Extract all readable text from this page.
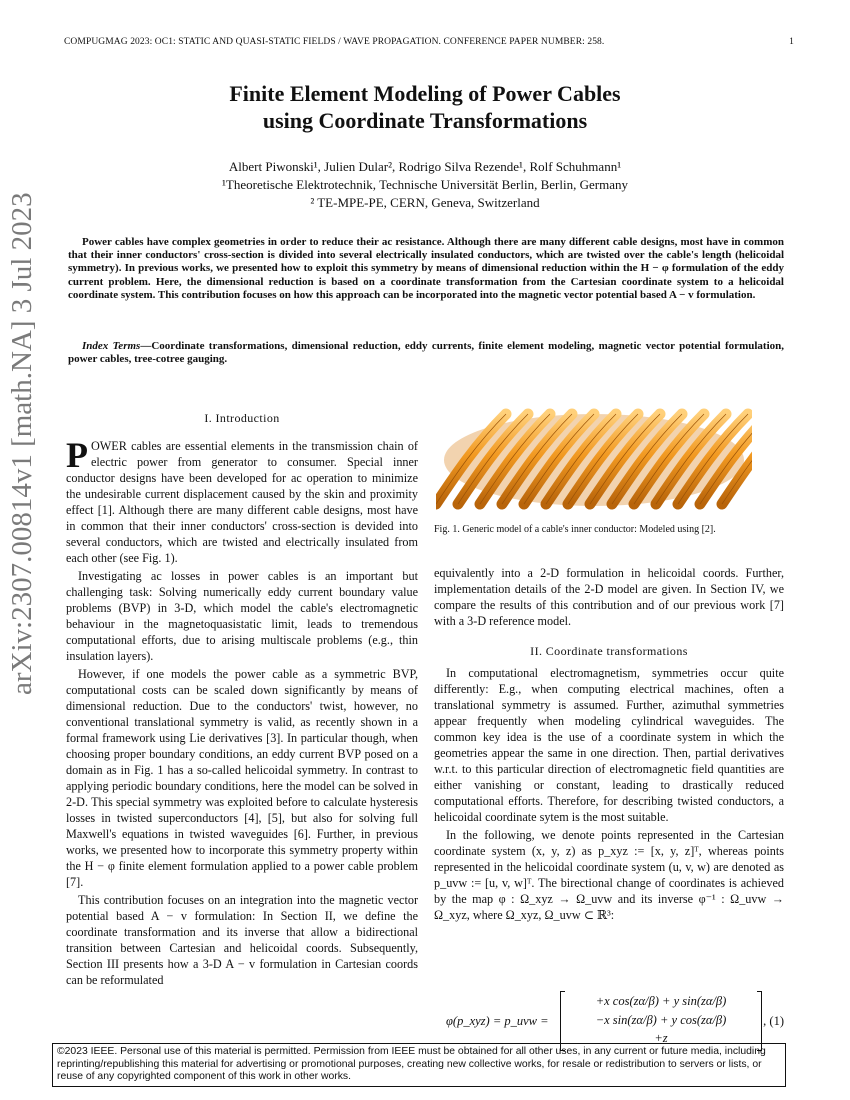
COMPUGMAG 2023: OC1: STATIC AND QUASI-STATIC FIELDS / WAVE PROPAGATION. CONFERENCE PAPER NUMBER: 258.	1
arXiv:2307.00814v1 [math.NA] 3 Jul 2023
Finite Element Modeling of Power Cables
using Coordinate Transformations
Albert Piwonski¹, Julien Dular², Rodrigo Silva Rezende¹, Rolf Schuhmann¹
¹Theoretische Elektrotechnik, Technische Universität Berlin, Berlin, Germany
² TE-MPE-PE, CERN, Geneva, Switzerland
Power cables have complex geometries in order to reduce their ac resistance. Although there are many different cable designs, most have in common that their inner conductors' cross-section is divided into several electrically insulated conductors, which are twisted over the cable's length (helicoidal symmetry). In previous works, we presented how to exploit this symmetry by means of dimensional reduction within the H − φ formulation of the eddy current problem. Here, the dimensional reduction is based on a coordinate transformation from the Cartesian coordinate system to a helicoidal coordinate system. This contribution focuses on how this approach can be incorporated into the magnetic vector potential based A − v formulation.
Index Terms—Coordinate transformations, dimensional reduction, eddy currents, finite element modeling, magnetic vector potential formulation, power cables, tree-cotree gauging.
I. Introduction

POWER cables are essential elements in the transmission chain of electric power from generator to consumer. Special inner conductor designs have been developed for ac operation to minimize the undesirable current displacement caused by the skin and proximity effect [1]. Although there are many different cable designs, most have in common that their inner conductors' cross-section is devided into several conductors, which are twisted and electrically insulated from each other (see Fig. 1).

Investigating ac losses in power cables is an important but challenging task: Solving numerically eddy current boundary value problems (BVP) in 3-D, which model the cable's electromagnetic behaviour in the magnetoquasistatic limit, leads to tremendous computational efforts, due to arising multiscale problems (e.g., thin insulation layers).

However, if one models the power cable as a symmetric BVP, computational costs can be scaled down significantly by means of dimensional reduction. Due to the conductors' twist, however, no conventional translational symmetry is valid, as recently shown in a formal framework using Lie derivatives [3]. In particular though, when choosing proper boundary conditions, an eddy current BVP posed on a domain as in Fig. 1 has a so-called helicoidal symmetry. In contrast to applying periodic boundary conditions, here the model can be solved in 2-D. This special symmetry was exploited before to calculate hysteresis losses in twisted superconductors [4], [5], but also for solving full Maxwell's equations in twisted waveguides [6]. Further, in previous works, we presented how to incorporate this symmetry property within the H − φ finite element formulation applied to a power cable problem [7].

This contribution focuses on an integration into the magnetic vector potential based A − v formulation: In Section II, we define the coordinate transformation and its inverse that allow a bidirectional transition between Cartesian and helicoidal coords. Subsequently, Section III presents how a 3-D A − v formulation in Cartesian coords can be reformulated

Fig. 1. Generic model of a cable's inner conductor: Modeled using [2].

equivalently into a 2-D formulation in helicoidal coords. Further, implementation details of the 2-D model are given. In Section IV, we compare the results of this contribution and of our previous work [7] with a 3-D reference model.

II. Coordinate transformations

In computational electromagnetism, symmetries occur quite differently: E.g., when computing electrical machines, often a translational symmetry is assumed. Further, azimuthal symmetries appear frequently when modeling cylindrical waveguides. The common key idea is the use of a coordinate system in which the geometries appear the same in one direction. Then, partial derivatives w.r.t. to this particular direction of electromagnetic field quantities are either vanishing or constant, leading to drastically reduced computational efforts. Therefore, for describing twisted conductors, a helicoidal coordinate sytem is the most suitable.

In the following, we denote points represented in the Cartesian coordinate system (x, y, z) as p_xyz := [x, y, z]ᵀ, whereas points represented in the helicoidal coordinate system (u, v, w) are denoted as p_uvw := [u, v, w]ᵀ. The birectional change of coordinates is achieved by the map φ : Ω_xyz → Ω_uvw and its inverse φ⁻¹ : Ω_uvw → Ω_xyz, where Ω_xyz, Ω_uvw ⊂ ℝ³:

φ(p_xyz) = p_uvw =
+x cos(zα/β) + y sin(zα/β)
−x sin(zα/β) + y cos(zα/β)
+z
, (1)
©2023 IEEE. Personal use of this material is permitted. Permission from IEEE must be obtained for all other uses, in any current or future media, including reprinting/republishing this material for advertising or promotional purposes, creating new collective works, for resale or redistribution to servers or lists, or reuse of any copyrighted component of this work in other works.
